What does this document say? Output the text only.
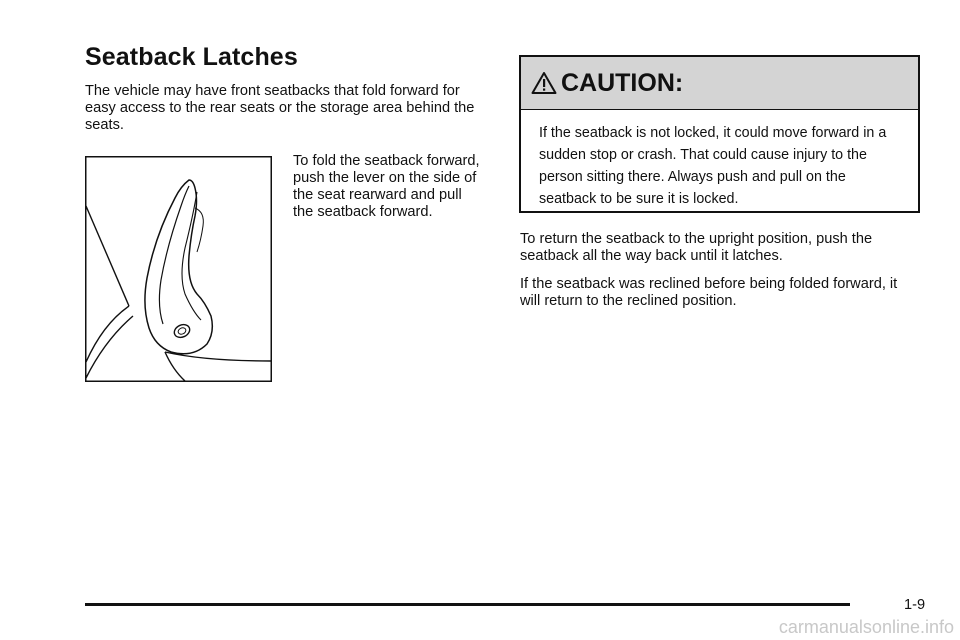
Seatback Latches

The vehicle may have front seatbacks that fold forward for easy access to the rear seats or the storage area behind the seats.

To fold the seatback forward, push the lever on the side of the seat rearward and pull the seatback forward.

CAUTION:

If the seatback is not locked, it could move forward in a sudden stop or crash. That could cause injury to the person sitting there. Always push and pull on the seatback to be sure it is locked.

To return the seatback to the upright position, push the seatback all the way back until it latches.

If the seatback was reclined before being folded forward, it will return to the reclined position.

1-9
carmanualsonline.info
